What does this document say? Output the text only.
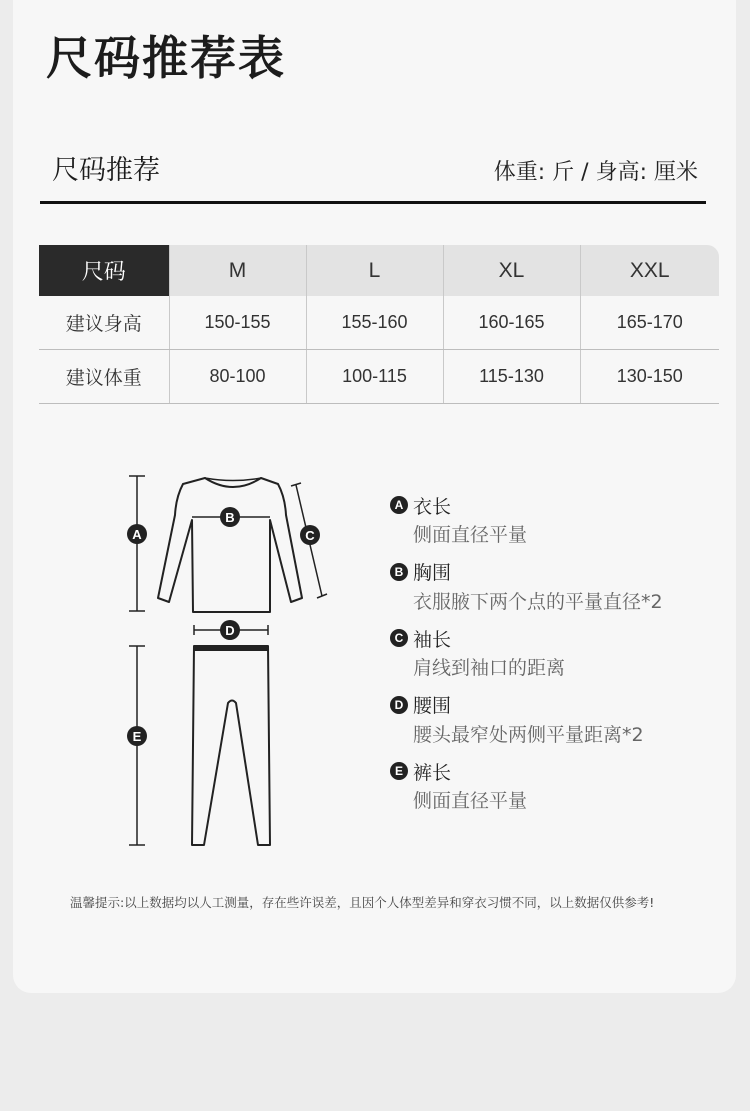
尺码推荐表
尺码推荐	体重: 斤 / 身高: 厘米
尺码	M	L	XL	XXL
建议身高	150-155	155-160	160-165	165-170
建议体重	80-100	100-115	115-130	130-150
A
B
C
D
E
A 衣长
侧面直径平量
B 胸围
衣服腋下两个点的平量直径*2
C 袖长
肩线到袖口的距离
D 腰围
腰头最窄处两侧平量距离*2
E 裤长
侧面直径平量
温馨提示:以上数据均以人工测量，存在些许误差，且因个人体型差异和穿衣习惯不同，以上数据仅供参考!
